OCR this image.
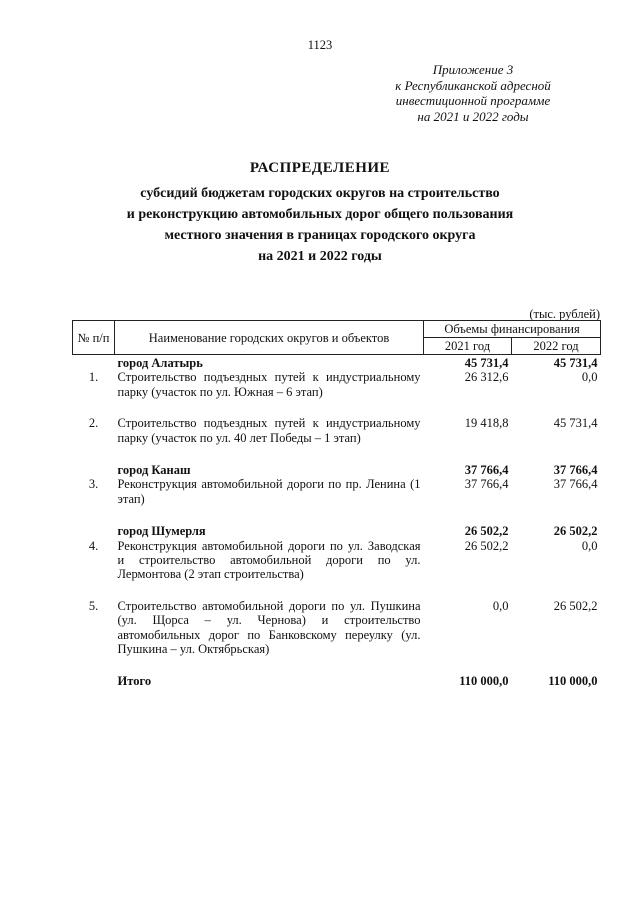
1123
Приложение 3
к Республиканской адресной
инвестиционной программе
на 2021 и 2022 годы
РАСПРЕДЕЛЕНИЕ
субсидий бюджетам городских округов на строительство
и реконструкцию автомобильных дорог общего пользования
местного значения в границах городского округа
на 2021 и 2022 годы
(тыс. рублей)
№ п/п	Наименование городских округов и объектов	Объемы финансирования	
		2021 год	2022 год
	город Алатырь	45 731,4	45 731,4
1.	Строительство подъездных путей к индустриальному парку (участок по ул. Южная – 6 этап)	26 312,6	0,0

2.	Строительство подъездных путей к индустриальному парку (участок по ул. 40 лет Победы – 1 этап)	19 418,8	45 731,4

	город Канаш	37 766,4	37 766,4
3.	Реконструкция автомобильной дороги по пр. Ленина (1 этап)	37 766,4	37 766,4

	город Шумерля	26 502,2	26 502,2
4.	Реконструкция автомобильной дороги по ул. Заводская и строительство автомобильной дороги по ул. Лермонтова (2 этап строительства)	26 502,2	0,0

5.	Строительство автомобильной дороги по ул. Пушкина (ул. Щорса – ул. Чернова) и строительство автомобильных дорог по Банковскому переулку (ул. Пушкина – ул. Октябрьская)	0,0	26 502,2

	Итого	110 000,0	110 000,0
